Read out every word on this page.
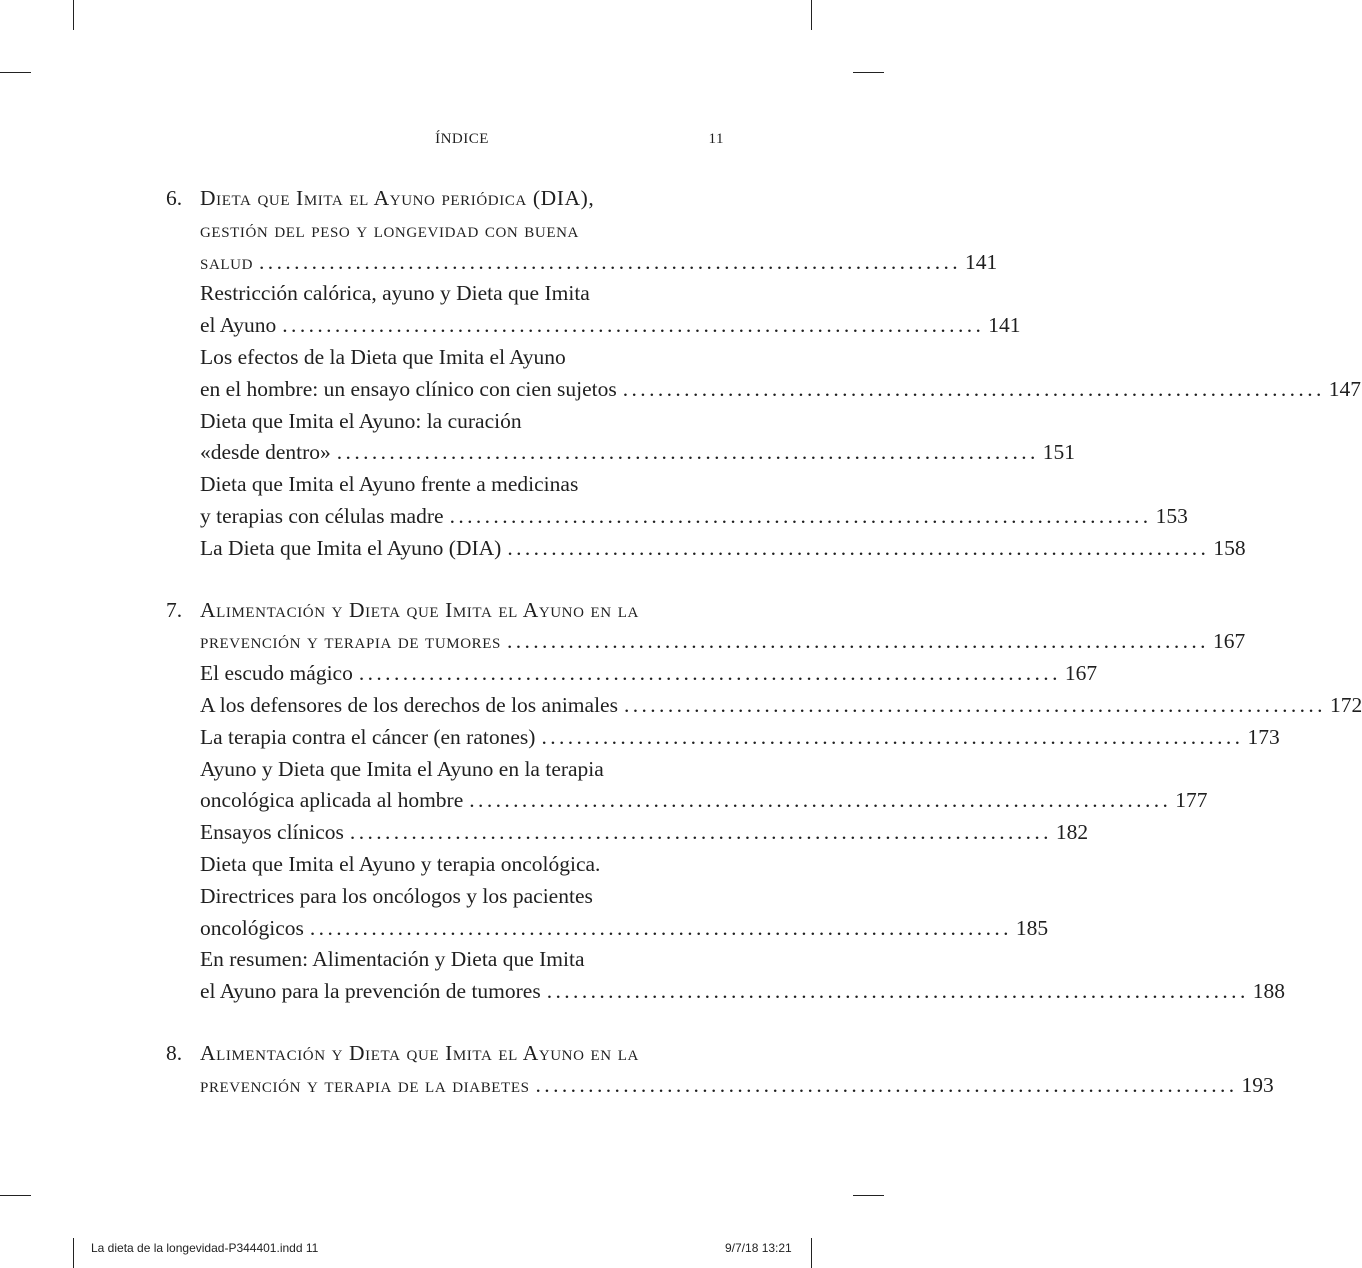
ÍNDICE	11
6. Dieta que Imita el Ayuno periódica (DIA),
gestión del peso y longevidad con buena
salud ................................................................................ 141
Restricción calórica, ayuno y Dieta que Imita
el Ayuno ................................................................................ 141
Los efectos de la Dieta que Imita el Ayuno
en el hombre: un ensayo clínico con cien sujetos ................................................................................ 147
Dieta que Imita el Ayuno: la curación
«desde dentro» ................................................................................ 151
Dieta que Imita el Ayuno frente a medicinas
y terapias con células madre ................................................................................ 153
La Dieta que Imita el Ayuno (DIA) ................................................................................ 158
7. Alimentación y Dieta que Imita el Ayuno en la
prevención y terapia de tumores ................................................................................ 167
El escudo mágico ................................................................................ 167
A los defensores de los derechos de los animales ................................................................................ 172
La terapia contra el cáncer (en ratones) ................................................................................ 173
Ayuno y Dieta que Imita el Ayuno en la terapia
oncológica aplicada al hombre ................................................................................ 177
Ensayos clínicos ................................................................................ 182
Dieta que Imita el Ayuno y terapia oncológica.
Directrices para los oncólogos y los pacientes
oncológicos ................................................................................ 185
En resumen: Alimentación y Dieta que Imita
el Ayuno para la prevención de tumores ................................................................................ 188
8. Alimentación y Dieta que Imita el Ayuno en la
prevención y terapia de la diabetes ................................................................................ 193
La dieta de la longevidad-P344401.indd 11	9/7/18 13:21
